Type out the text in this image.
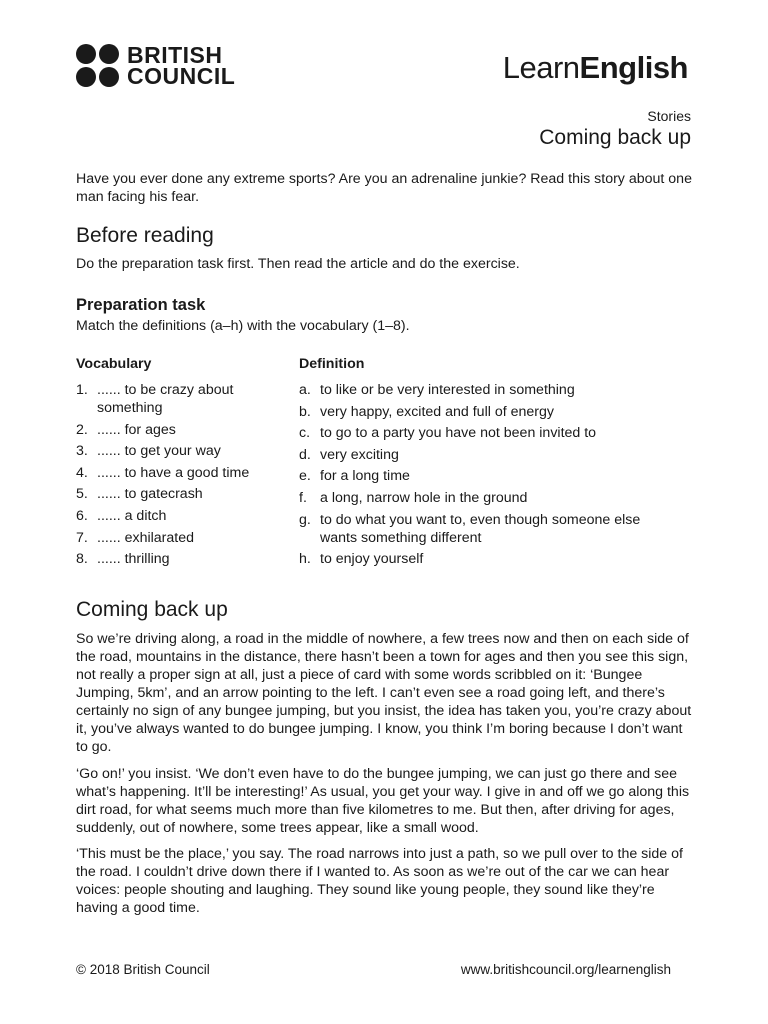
BRITISH
COUNCIL	LearnEnglish
Stories
Coming back up

Have you ever done any extreme sports? Are you an adrenaline junkie? Read this story about one man facing his fear.

Before reading

Do the preparation task first. Then read the article and do the exercise.

Preparation task

Match the definitions (a–h) with the vocabulary (1–8).

Vocabulary	Definition
1. ...... to be crazy about something
2. ...... for ages
3. ...... to get your way
4. ...... to have a good time
5. ...... to gatecrash
6. ...... a ditch
7. ...... exhilarated
8. ...... thrilling
a. to like or be very interested in something
b. very happy, excited and full of energy
c. to go to a party you have not been invited to
d. very exciting
e. for a long time
f. a long, narrow hole in the ground
g. to do what you want to, even though someone else wants something different
h. to enjoy yourself
Coming back up

So we’re driving along, a road in the middle of nowhere, a few trees now and then on each side of the road, mountains in the distance, there hasn’t been a town for ages and then you see this sign, not really a proper sign at all, just a piece of card with some words scribbled on it: ‘Bungee Jumping, 5km’, and an arrow pointing to the left. I can’t even see a road going left, and there’s certainly no sign of any bungee jumping, but you insist, the idea has taken you, you’re crazy about it, you’ve always wanted to do bungee jumping. I know, you think I’m boring because I don’t want to go.

‘Go on!’ you insist. ‘We don’t even have to do the bungee jumping, we can just go there and see what’s happening. It’ll be interesting!’ As usual, you get your way. I give in and off we go along this dirt road, for what seems much more than five kilometres to me. But then, after driving for ages, suddenly, out of nowhere, some trees appear, like a small wood.

‘This must be the place,’ you say. The road narrows into just a path, so we pull over to the side of the road. I couldn’t drive down there if I wanted to. As soon as we’re out of the car we can hear voices: people shouting and laughing. They sound like young people, they sound like they’re having a good time.

© 2018 British Council	www.britishcouncil.org/learnenglish
